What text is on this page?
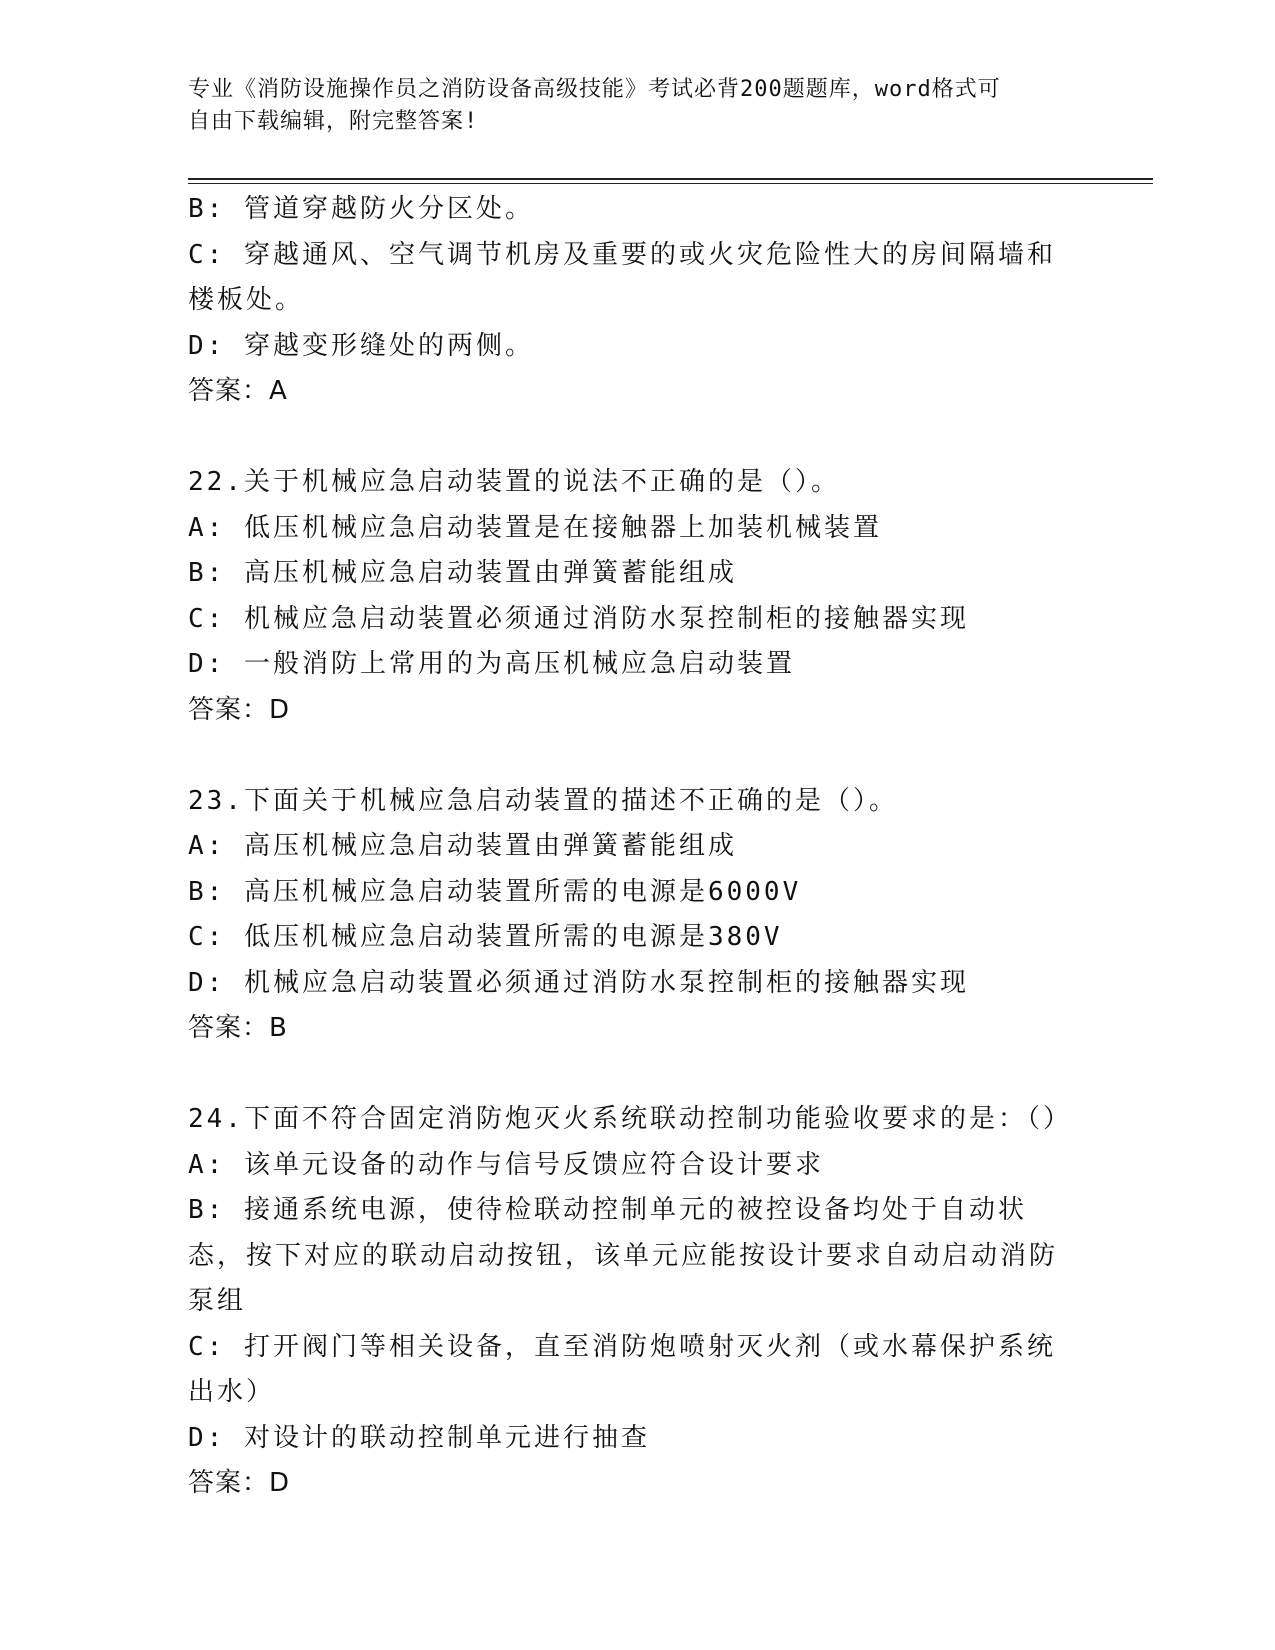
专业《消防设施操作员之消防设备高级技能》考试必背200题题库，word格式可
自由下载编辑，附完整答案!

B: 管道穿越防火分区处。

C: 穿越通风、空气调节机房及重要的或火灾危险性大的房间隔墙和楼板处。

D: 穿越变形缝处的两侧。

答案：A

22.关于机械应急启动装置的说法不正确的是（）。

A: 低压机械应急启动装置是在接触器上加装机械装置

B: 高压机械应急启动装置由弹簧蓄能组成

C: 机械应急启动装置必须通过消防水泵控制柜的接触器实现

D: 一般消防上常用的为高压机械应急启动装置

答案：D

23.下面关于机械应急启动装置的描述不正确的是（）。

A: 高压机械应急启动装置由弹簧蓄能组成

B: 高压机械应急启动装置所需的电源是6000V

C: 低压机械应急启动装置所需的电源是380V

D: 机械应急启动装置必须通过消防水泵控制柜的接触器实现

答案：B

24.下面不符合固定消防炮灭火系统联动控制功能验收要求的是：（）

A: 该单元设备的动作与信号反馈应符合设计要求

B: 接通系统电源，使待检联动控制单元的被控设备均处于自动状态，按下对应的联动启动按钮，该单元应能按设计要求自动启动消防泵组

C: 打开阀门等相关设备，直至消防炮喷射灭火剂（或水幕保护系统出水）

D: 对设计的联动控制单元进行抽查

答案：D
